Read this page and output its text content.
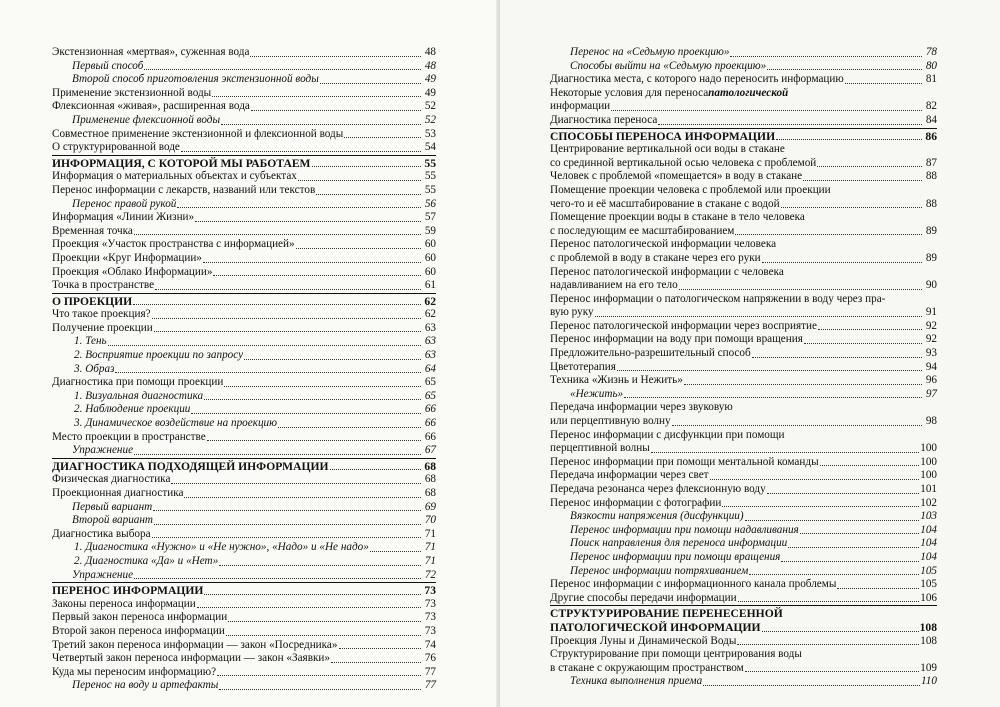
Экстензионная «мертвая», суженная вода	48
Первый способ	48
Второй способ приготовления экстензионной воды	49
Применение экстензионной воды	49
Флексионная «живая», расширенная вода	52
Применение флексионной воды	52
Совместное применение экстензионной и флексионной воды	53
О структурированной воде	54
ИНФОРМАЦИЯ, С КОТОРОЙ МЫ РАБОТАЕМ	55
Информация о материальных объектах и субъектах	55
Перенос информации с лекарств, названий или текстов	55
Перенос правой рукой	56
Информация «Линии Жизни»	57
Временная точка	59
Проекция «Участок пространства с информацией»	60
Проекции «Круг Информации»	60
Проекция «Облако Информации»	60
Точка в пространстве	61
О ПРОЕКЦИИ	62
Что такое проекция?	62
Получение проекции	63
1. Тень	63
2. Восприятие проекции по запросу	63
3. Образ	64
Диагностика при помощи проекции	65
1. Визуальная диагностика	65
2. Наблюдение проекции	66
3. Динамическое воздействие на проекцию	66
Место проекции в пространстве	66
Упражнение	67
ДИАГНОСТИКА ПОДХОДЯЩЕЙ ИНФОРМАЦИИ	68
Физическая диагностика	68
Проекционная диагностика	68
Первый вариант	69
Второй вариант	70
Диагностика выбора	71
1. Диагностика «Нужно» и «Не нужно», «Надо» и «Не надо»	71
2. Диагностика «Да» и «Нет»	71
Упражнение	72
ПЕРЕНОС ИНФОРМАЦИИ	73
Законы переноса информации	73
Первый закон переноса информации	73
Второй закон переноса информации	73
Третий закон переноса информации — закон «Посредника»	74
Четвертый закон переноса информации — закон «Заявки»	76
Куда мы переносим информацию?	77
Перенос на воду и артефакты	77
Перенос на «Седьмую проекцию»	78
Способы выйти на «Седьмую проекцию»	80
Диагностика места, с которого надо переносить информацию	81
Некоторые условия для переноса патологической
информации	82
Диагностика переноса	84
СПОСОБЫ ПЕРЕНОСА ИНФОРМАЦИИ	86
Центрирование вертикальной оси воды в стакане
со срединной вертикальной осью человека с проблемой	87
Человек с проблемой «помещается» в воду в стакане	88
Помещение проекции человека с проблемой или проекции
чего-то и её масштабирование в стакане с водой	88
Помещение проекции воды в стакане в тело человека
с последующим ее масштабированием	89
Перенос патологической информации человека
с проблемой в воду в стакане через его руки	89
Перенос патологической информации с человека
надавливанием на его тело	90
Перенос информации о патологическом напряжении в воду через пра-
вую руку	91
Перенос патологической информации через восприятие	92
Перенос информации на воду при помощи вращения	92
Предложительно-разрешительный способ	93
Цветотерапия	94
Техника «Жизнь и Нежить»	96
«Нежить»	97
Передача информации через звуковую
или перцептивную волну	98
Перенос информации с дисфункции при помощи
перцептивной волны	100
Перенос информации при помощи ментальной команды	100
Передача информации через свет	100
Передача резонанса через флексионную воду	101
Перенос информации с фотографии	102
Вязкости напряжения (дисфункции)	103
Перенос информации при помощи надавливания	104
Поиск направления для переноса информации	104
Перенос информации при помощи вращения	104
Перенос информации потряхиванием	105
Перенос информации с информационного канала проблемы	105
Другие способы передачи информации	106
СТРУКТУРИРОВАНИЕ ПЕРЕНЕСЕННОЙ
ПАТОЛОГИЧЕСКОЙ ИНФОРМАЦИИ	108
Проекция Луны и Динамической Воды	108
Структурирование при помощи центрирования воды
в стакане с окружающим пространством	109
Техника выполнения приема	110
